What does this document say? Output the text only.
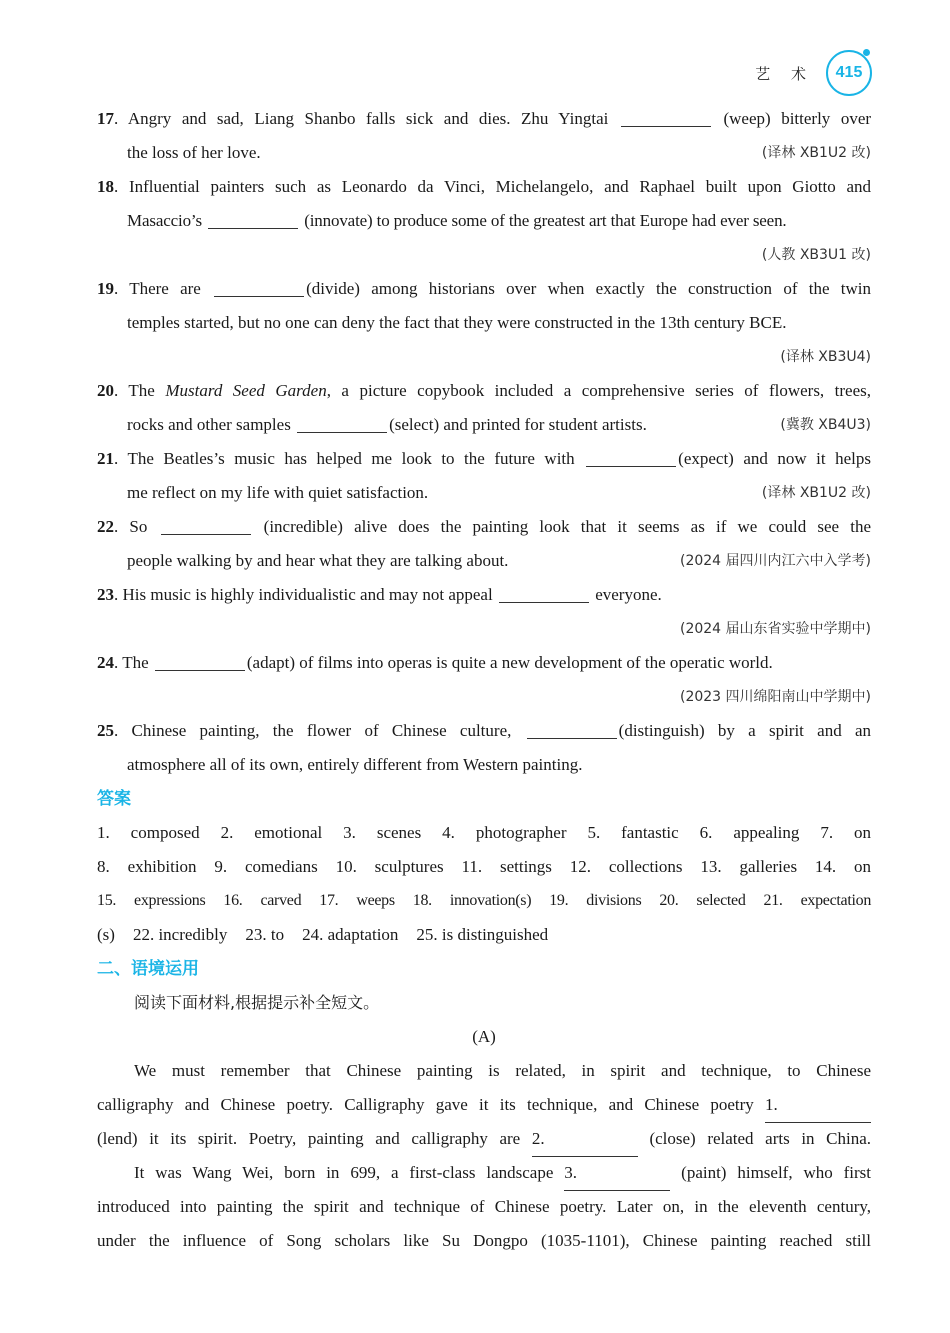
艺 术 415
17. Angry and sad, Liang Shanbo falls sick and dies. Zhu Yingtai	(weep) bitterly over
the loss of her love.	(译林 XB1U2 改)
18. Influential painters such as Leonardo da Vinci, Michelangelo, and Raphael built upon Giotto and
Masaccio’s	(innovate) to produce some of the greatest art that Europe had ever seen.
(人教 XB3U1 改)
19. There are	(divide) among historians over when exactly the construction of the twin
temples started, but no one can deny the fact that they were constructed in the 13th century BCE.
(译林 XB3U4)
20. The Mustard Seed Garden, a picture copybook included a comprehensive series of flowers, trees,
rocks and other samples	(select) and printed for student artists.	(冀教 XB4U3)
21. The Beatles’s music has helped me look to the future with	(expect) and now it helps
me reflect on my life with quiet satisfaction.	(译林 XB1U2 改)
22. So	(incredible) alive does the painting look that it seems as if we could see the
people walking by and hear what they are talking about.	(2024 届四川内江六中入学考)
23. His music is highly individualistic and may not appeal	everyone.
(2024 届山东省实验中学期中)
24. The	(adapt) of films into operas is quite a new development of the operatic world.
(2023 四川绵阳南山中学期中)
25. Chinese painting, the flower of Chinese culture,	(distinguish) by a spirit and an
atmosphere all of its own, entirely different from Western painting.
答案
1. composed 2. emotional 3. scenes 4. photographer 5. fantastic 6. appealing 7. on
8. exhibition 9. comedians 10. sculptures 11. settings 12. collections 13. galleries 14. on
15. expressions 16. carved 17. weeps 18. innovation(s) 19. divisions 20. selected 21. expectation
(s) 22. incredibly 23. to 24. adaptation 25. is distinguished
二、语境运用
阅读下面材料,根据提示补全短文。
(A)
We must remember that Chinese painting is related, in spirit and technique, to Chinese
calligraphy and Chinese poetry. Calligraphy gave it its technique, and Chinese poetry 1.
(lend) it its spirit. Poetry, painting and calligraphy are 2.	(close) related arts in China.
It was Wang Wei, born in 699, a first-class landscape 3.	(paint) himself, who first
introduced into painting the spirit and technique of Chinese poetry. Later on, in the eleventh century,
under the influence of Song scholars like Su Dongpo (1035-1101), Chinese painting reached still
